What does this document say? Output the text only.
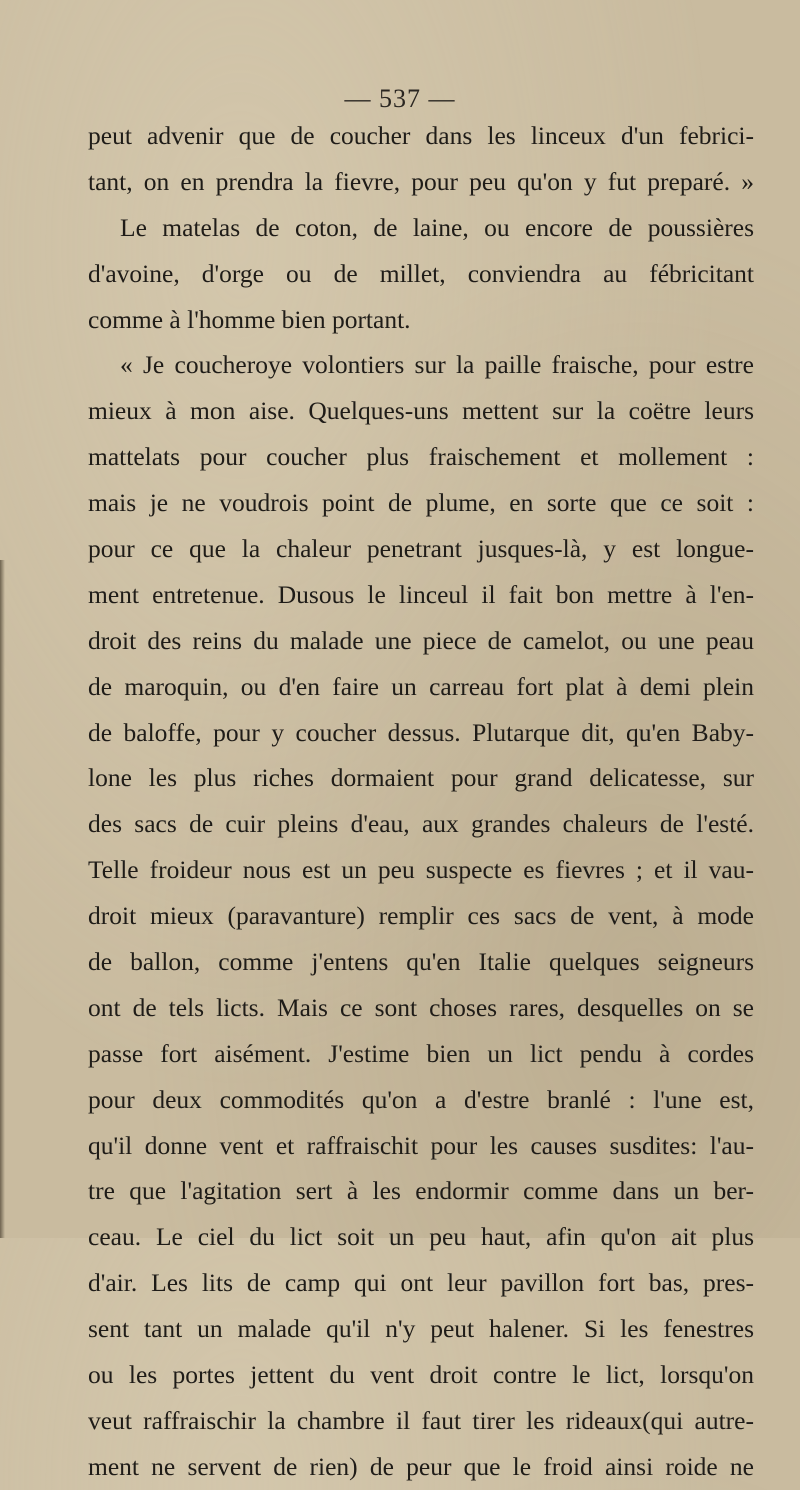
— 537 —
peut advenir que de coucher dans les linceux d'un febrici-
tant, on en prendra la fievre, pour peu qu'on y fut preparé. »
Le matelas de coton, de laine, ou encore de poussières
d'avoine, d'orge ou de millet, conviendra au fébricitant
comme à l'homme bien portant.
« Je coucheroye volontiers sur la paille fraische, pour estre
mieux à mon aise. Quelques-uns mettent sur la coëtre leurs
mattelats pour coucher plus fraischement et mollement :
mais je ne voudrois point de plume, en sorte que ce soit :
pour ce que la chaleur penetrant jusques-là, y est longue-
ment entretenue. Dusous le linceul il fait bon mettre à l'en-
droit des reins du malade une piece de camelot, ou une peau
de maroquin, ou d'en faire un carreau fort plat à demi plein
de baloffe, pour y coucher dessus. Plutarque dit, qu'en Baby-
lone les plus riches dormaient pour grand delicatesse, sur
des sacs de cuir pleins d'eau, aux grandes chaleurs de l'esté.
Telle froideur nous est un peu suspecte es fievres ; et il vau-
droit mieux (paravanture) remplir ces sacs de vent, à mode
de ballon, comme j'entens qu'en Italie quelques seigneurs
ont de tels licts. Mais ce sont choses rares, desquelles on se
passe fort aisément. J'estime bien un lict pendu à cordes
pour deux commodités qu'on a d'estre branlé : l'une est,
qu'il donne vent et raffraischit pour les causes susdites: l'au-
tre que l'agitation sert à les endormir comme dans un ber-
ceau. Le ciel du lict soit un peu haut, afin qu'on ait plus
d'air. Les lits de camp qui ont leur pavillon fort bas, pres-
sent tant un malade qu'il n'y peut halener. Si les fenestres
ou les portes jettent du vent droit contre le lict, lorsqu'on
veut raffraischir la chambre il faut tirer les rideaux(qui autre-
ment ne servent de rien) de peur que le froid ainsi roide ne
